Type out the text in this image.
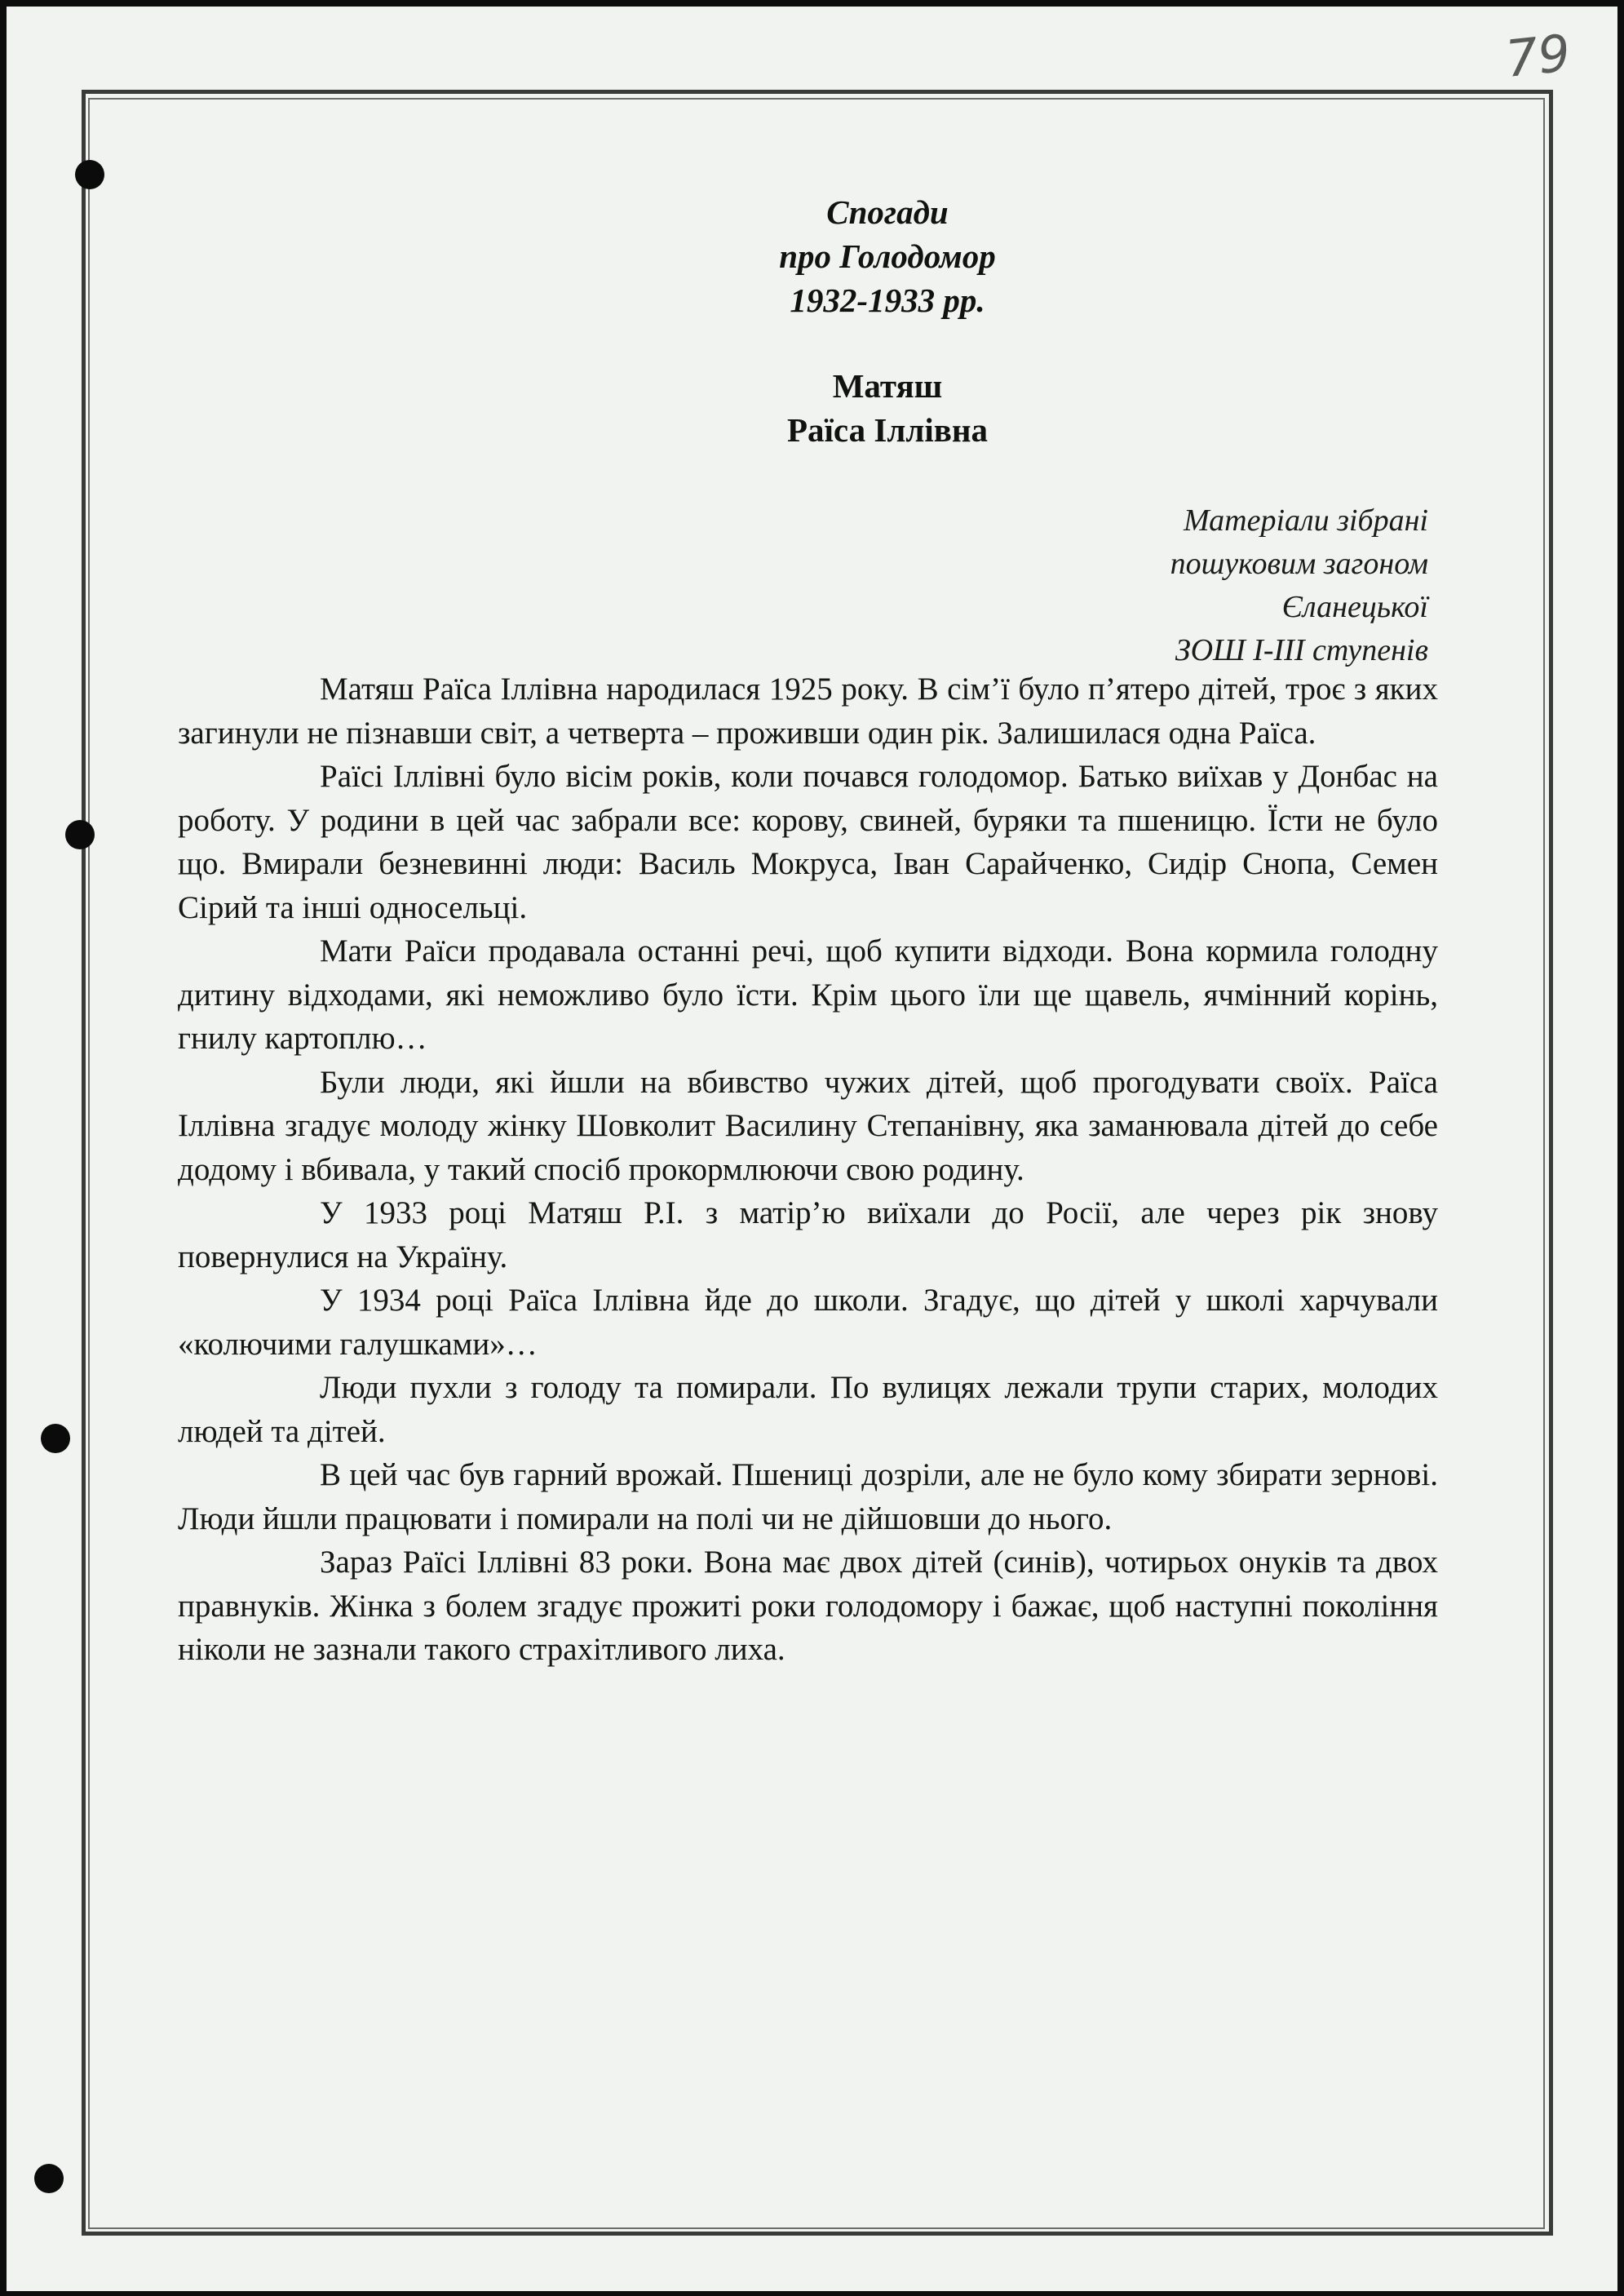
79
Спогади
про Голодомор
1932-1933 рр.
Матяш
Раїса Іллівна
Матеріали зібрані
пошуковим загоном
Єланецької
ЗОШ І-ІІІ ступенів

Матяш Раїса Іллівна народилася 1925 року. В сім’ї було п’ятеро дітей, троє з яких загинули не пізнавши світ, а четверта – проживши один рік. Залишилася одна Раїса.

Раїсі Іллівні було вісім років, коли почався голодомор. Батько виїхав у Донбас на роботу. У родини в цей час забрали все: корову, свиней, буряки та пшеницю. Їсти не було що. Вмирали безневинні люди: Василь Мокруса, Іван Сарайченко, Сидір Снопа, Семен Сірий та інші односельці.

Мати Раїси продавала останні речі, щоб купити відходи. Вона кормила голодну дитину відходами, які неможливо було їсти. Крім цього їли ще щавель, ячмінний корінь, гнилу картоплю…

Були люди, які йшли на вбивство чужих дітей, щоб прогодувати своїх. Раїса Іллівна згадує молоду жінку Шовколит Василину Степанівну, яка заманювала дітей до себе додому і вбивала, у такий спосіб прокормлюючи свою родину.

У 1933 році Матяш Р.І. з матір’ю виїхали до Росії, але через рік знову повернулися на Україну.

У 1934 році Раїса Іллівна йде до школи. Згадує, що дітей у школі харчували «колючими галушками»…

Люди пухли з голоду та помирали. По вулицях лежали трупи старих, молодих людей та дітей.

В цей час був гарний врожай. Пшениці дозріли, але не було кому збирати зернові. Люди йшли працювати і помирали на полі чи не дійшовши до нього.

Зараз Раїсі Іллівні 83 роки. Вона має двох дітей (синів), чотирьох онуків та двох правнуків. Жінка з болем згадує прожиті роки голодомору і бажає, щоб наступні покоління ніколи не зазнали такого страхітливого лиха.
